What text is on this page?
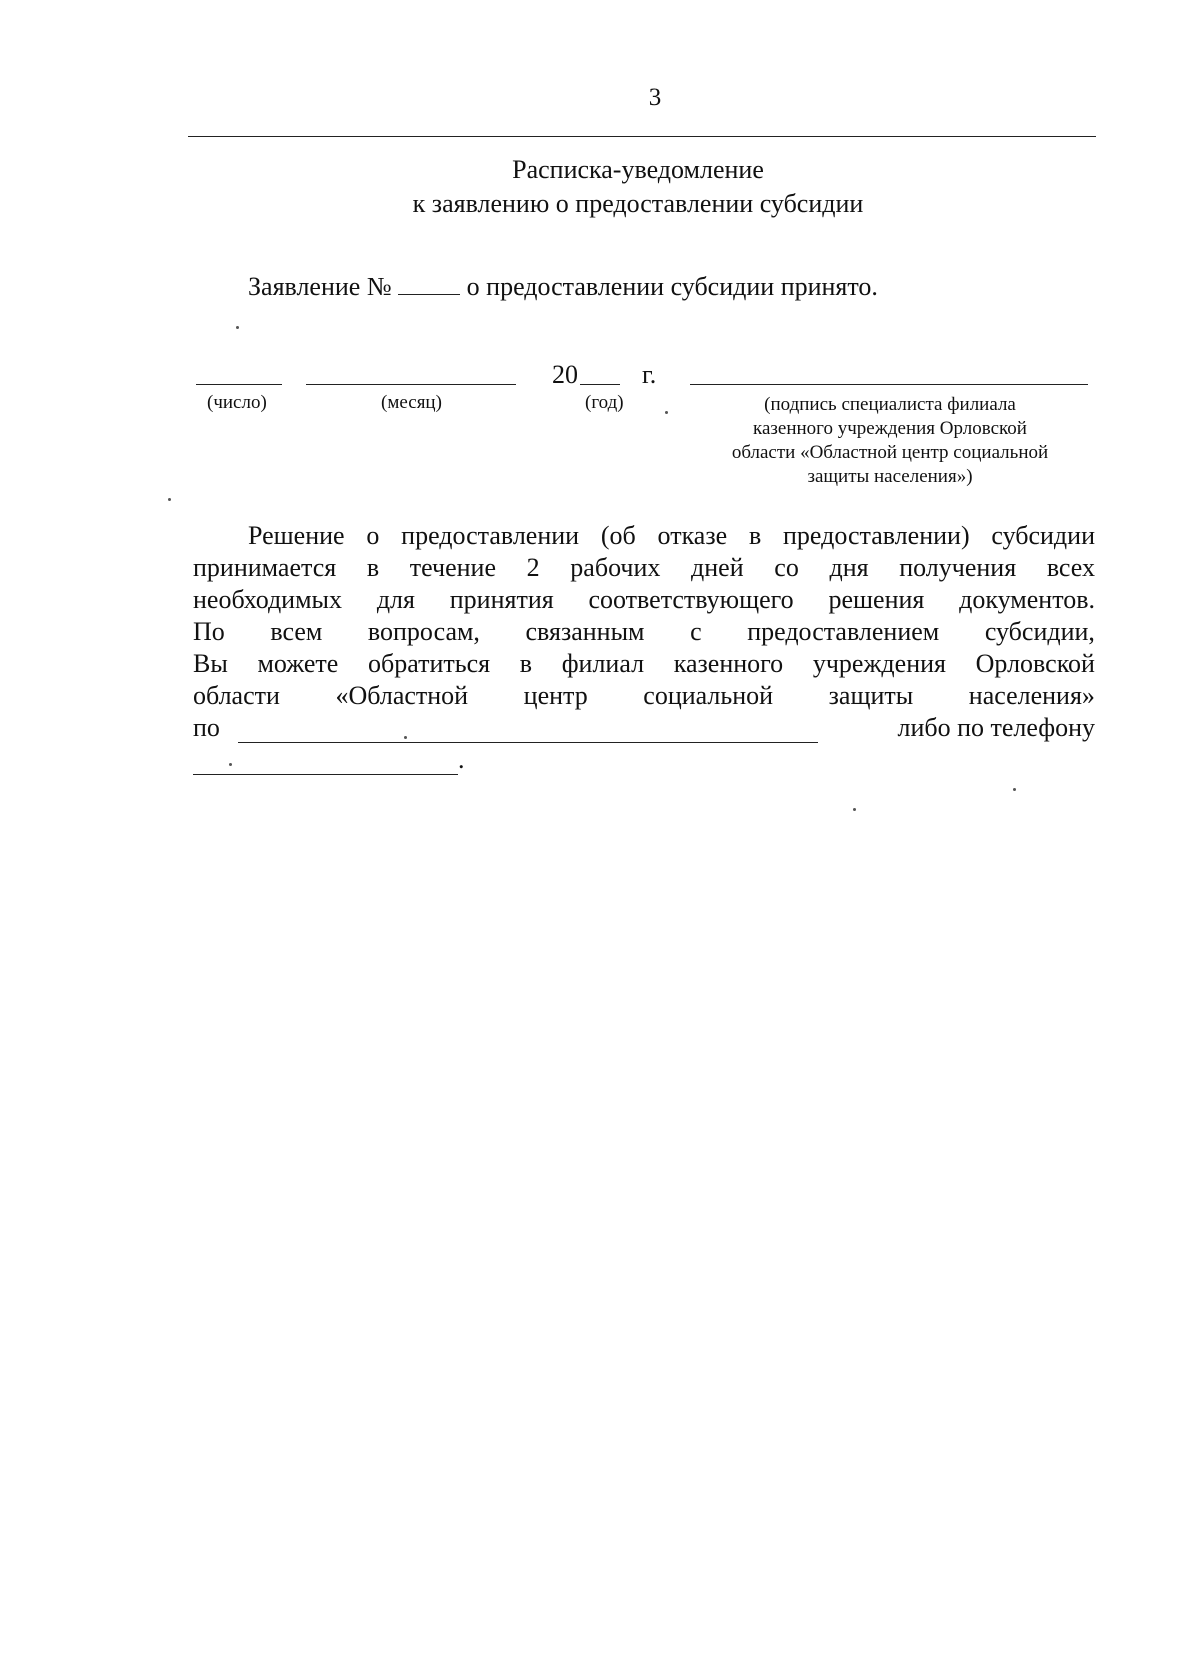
3
Расписка-уведомление
к заявлению о предоставлении субсидии
Заявление №	о предоставлении субсидии принято.
20 г.
(число)	(месяц)	(год)	(подпись специалиста филиала
казенного учреждения Орловской
области «Областной центр социальной
защиты населения»)
Решение о предоставлении (об отказе в предоставлении) субсидии
принимается в течение 2 рабочих дней со дня получения всех
необходимых для принятия соответствующего решения документов.
По всем вопросам, связанным с предоставлением субсидии,
Вы можете обратиться в филиал казенного учреждения Орловской
области «Областной центр социальной защиты населения»
по	либо по телефону
.
